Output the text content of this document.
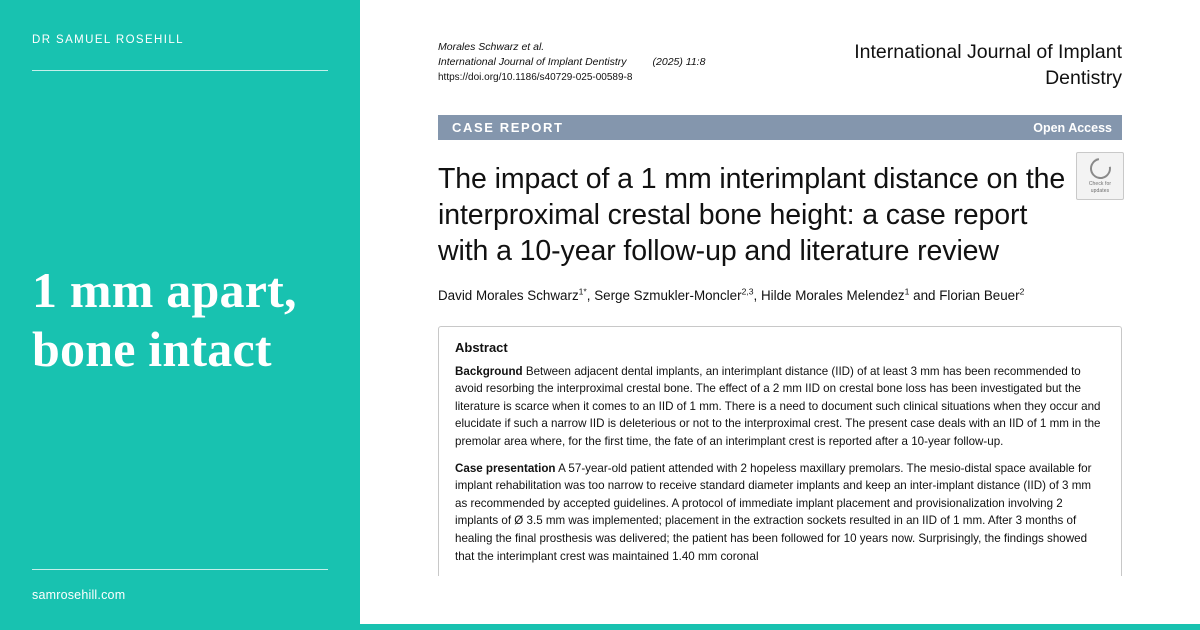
DR SAMUEL ROSEHILL
1 mm apart, bone intact
samrosehill.com
Morales Schwarz et al.
International Journal of Implant Dentistry (2025) 11:8
https://doi.org/10.1186/s40729-025-00589-8
International Journal of Implant Dentistry
CASE REPORT	Open Access
The impact of a 1 mm interimplant distance on the interproximal crestal bone height: a case report with a 10-year follow-up and literature review
David Morales Schwarz$^{1*}$, Serge Szmukler-Moncler$^{2,3}$, Hilde Morales Melendez$^1$ and Florian Beuer$^2$
Abstract

Background Between adjacent dental implants, an interimplant distance (IID) of at least 3 mm has been recommended to avoid resorbing the interproximal crestal bone. The effect of a 2 mm IID on crestal bone loss has been investigated but the literature is scarce when it comes to an IID of 1 mm. There is a need to document such clinical situations when they occur and elucidate if such a narrow IID is deleterious or not to the interproximal crest. The present case deals with an IID of 1 mm in the premolar area where, for the first time, the fate of an interimplant crest is reported after a 10-year follow-up.

Case presentation A 57-year-old patient attended with 2 hopeless maxillary premolars. The mesio-distal space available for implant rehabilitation was too narrow to receive standard diameter implants and keep an inter-implant distance (IID) of 3 mm as recommended by accepted guidelines. A protocol of immediate implant placement and provisionalization involving 2 implants of Ø 3.5 mm was implemented; placement in the extraction sockets resulted in an IID of 1 mm. After 3 months of healing the final prosthesis was delivered; the patient has been followed for 10 years now. Surprisingly, the findings showed that the interimplant crest was maintained 1.40 mm coronal

Check for
updates
